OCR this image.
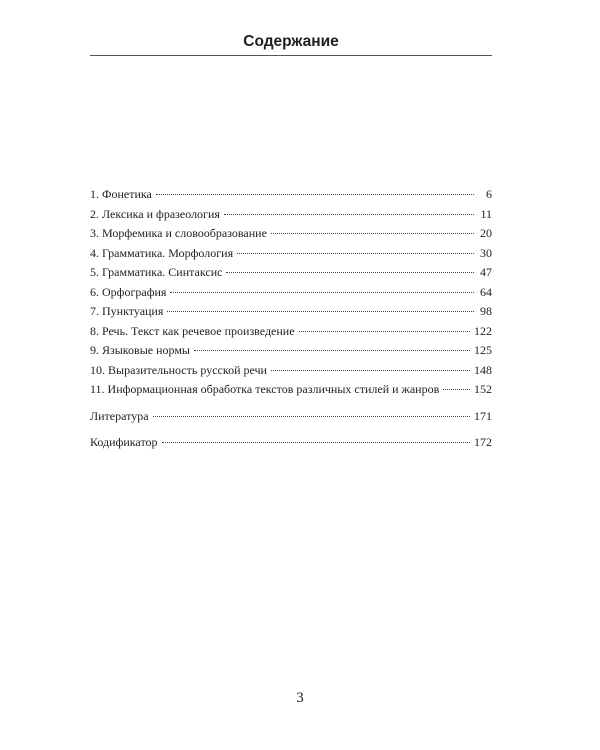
Содержание
1. Фонетика	6
2. Лексика и фразеология	11
3. Морфемика и словообразование	20
4. Грамматика. Морфология	30
5. Грамматика. Синтаксис	47
6. Орфография	64
7. Пунктуация	98
8. Речь. Текст как речевое произведение	122
9. Языковые нормы	125
10. Выразительность русской речи	148
11. Информационная обработка текстов различных стилей и жанров	152
Литература	171
Кодификатор	172
3
